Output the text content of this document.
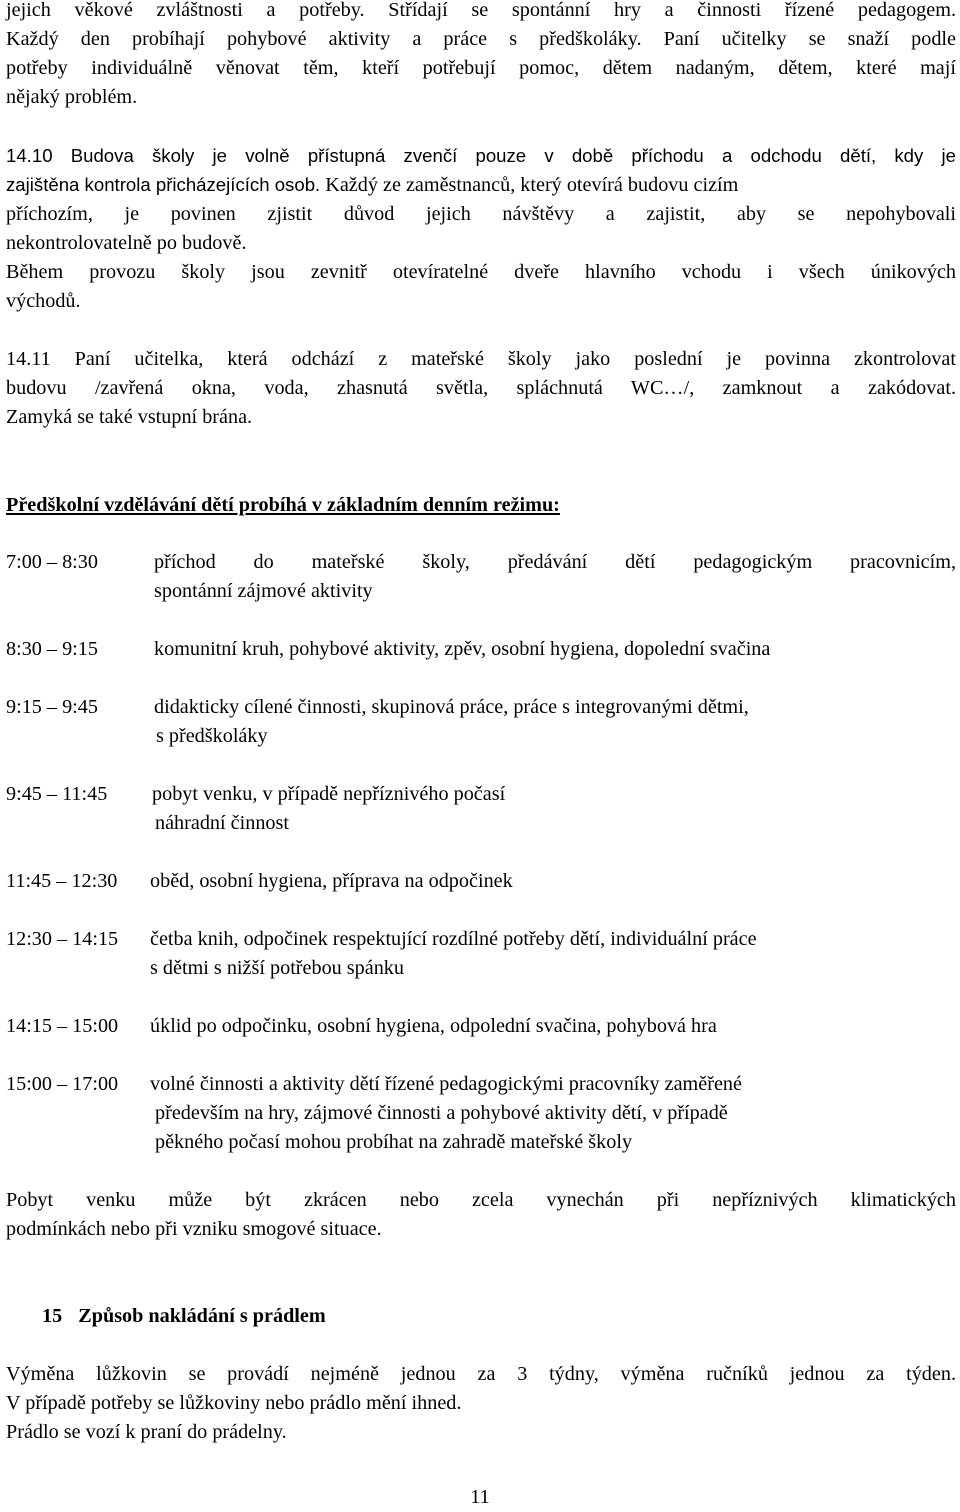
jejich věkové zvláštnosti a potřeby. Střídají se spontánní hry a činnosti řízené pedagogem.
Každý den probíhají pohybové aktivity a práce s předškoláky. Paní učitelky se snaží podle
potřeby individuálně věnovat těm, kteří potřebují pomoc, dětem nadaným, dětem, které mají
nějaký problém.
14.10 Budova školy je volně přístupná zvenčí pouze v době příchodu a odchodu dětí, kdy je
zajištěna kontrola přicházejících osob. Každý ze zaměstnanců, který otevírá budovu cizím
příchozím, je povinen zjistit důvod jejich návštěvy a zajistit, aby se nepohybovali
nekontrolovatelně po budově.
Během provozu školy jsou zevnitř otevíratelné dveře hlavního vchodu i všech únikových
východů.
14.11 Paní učitelka, která odchází z mateřské školy jako poslední je povinna zkontrolovat
budovu /zavřená okna, voda, zhasnutá světla, spláchnutá WC…/, zamknout a zakódovat.
Zamyká se také vstupní brána.
Předškolní vzdělávání dětí probíhá v základním denním režimu:
7:00 – 8:30	příchod do mateřské školy, předávání dětí pedagogickým pracovnicím,
spontánní zájmové aktivity
8:30 – 9:15	komunitní kruh, pohybové aktivity, zpěv, osobní hygiena, dopolední svačina
9:15 – 9:45	didakticky cílené činnosti, skupinová práce, práce s integrovanými dětmi,
s předškoláky
9:45 – 11:45 pobyt venku, v případě nepříznivého počasí
náhradní činnost
11:45 – 12:30 oběd, osobní hygiena, příprava na odpočinek
12:30 – 14:15 četba knih, odpočinek respektující rozdílné potřeby dětí, individuální práce
s dětmi s nižší potřebou spánku
14:15 – 15:00 úklid po odpočinku, osobní hygiena, odpolední svačina, pohybová hra
15:00 – 17:00 volné činnosti a aktivity dětí řízené pedagogickými pracovníky zaměřené
především na hry, zájmové činnosti a pohybové aktivity dětí, v případě
pěkného počasí mohou probíhat na zahradě mateřské školy
Pobyt venku může být zkrácen nebo zcela vynechán při nepříznivých klimatických
podmínkách nebo při vzniku smogové situace.
15 Způsob nakládání s prádlem
Výměna lůžkovin se provádí nejméně jednou za 3 týdny, výměna ručníků jednou za týden.
V případě potřeby se lůžkoviny nebo prádlo mění ihned.
Prádlo se vozí k praní do prádelny.
11
